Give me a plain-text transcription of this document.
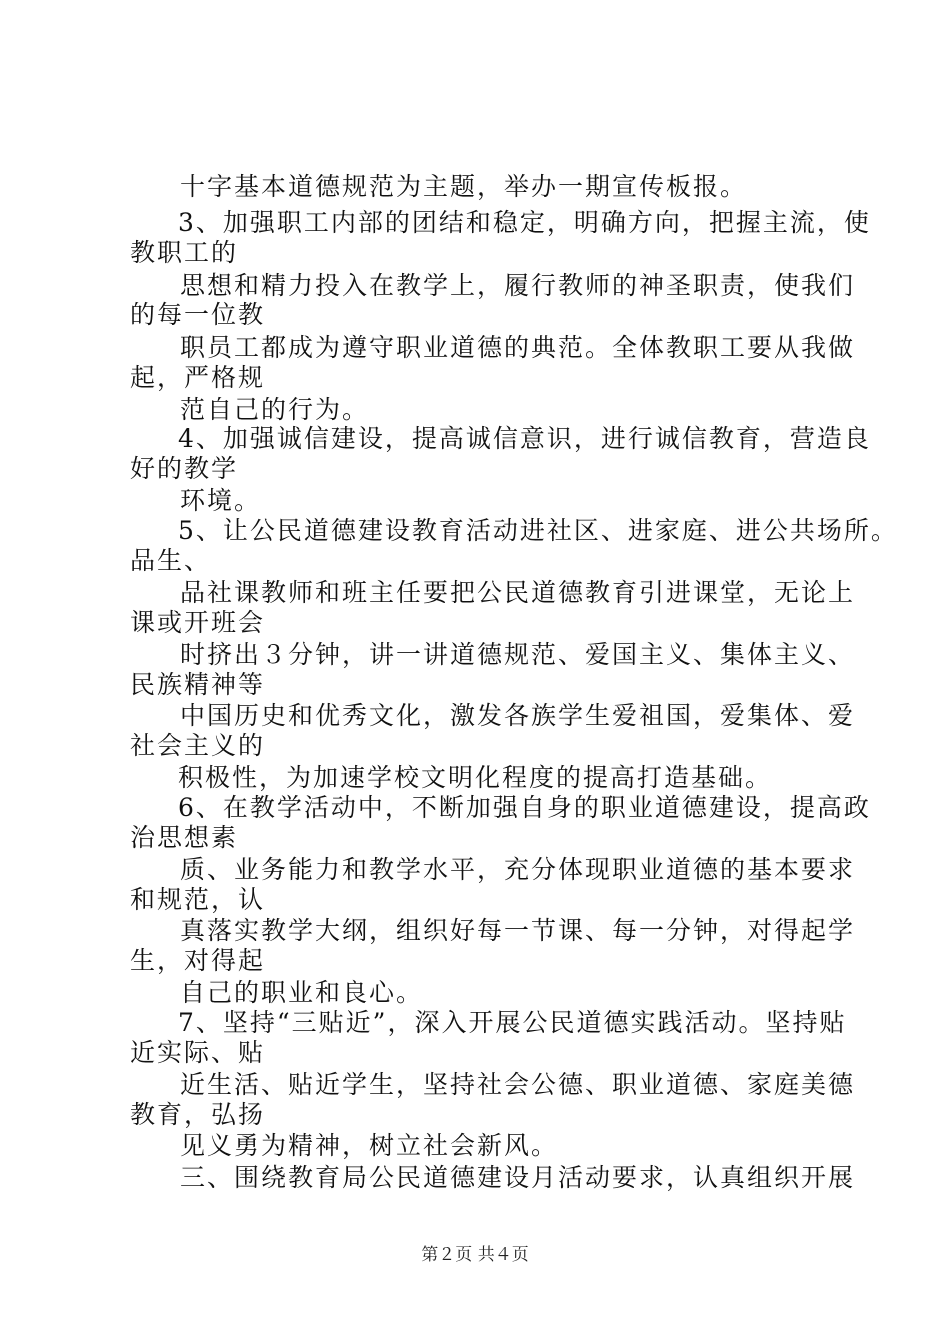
十字基本道德规范为主题，举办一期宣传板报。
3、加强职工内部的团结和稳定，明确方向，把握主流，使
教职工的
思想和精力投入在教学上，履行教师的神圣职责，使我们
的每一位教
职员工都成为遵守职业道德的典范。全体教职工要从我做
起，严格规
范自己的行为。
4、加强诚信建设，提高诚信意识，进行诚信教育，营造良
好的教学
环境。
5、让公民道德建设教育活动进社区、进家庭、进公共场所。
品生、
品社课教师和班主任要把公民道德教育引进课堂，无论上
课或开班会
时挤出３分钟，讲一讲道德规范、爱国主义、集体主义、
民族精神等
中国历史和优秀文化，激发各族学生爱祖国，爱集体、爱
社会主义的
积极性，为加速学校文明化程度的提高打造基础。
6、在教学活动中，不断加强自身的职业道德建设，提高政
治思想素
质、业务能力和教学水平，充分体现职业道德的基本要求
和规范，认
真落实教学大纲，组织好每一节课、每一分钟，对得起学
生，对得起
自己的职业和良心。
7、坚持“三贴近”，深入开展公民道德实践活动。坚持贴
近实际、贴
近生活、贴近学生，坚持社会公德、职业道德、家庭美德
教育，弘扬
见义勇为精神，树立社会新风。
三、围绕教育局公民道德建设月活动要求，认真组织开展
第２页 共４页
